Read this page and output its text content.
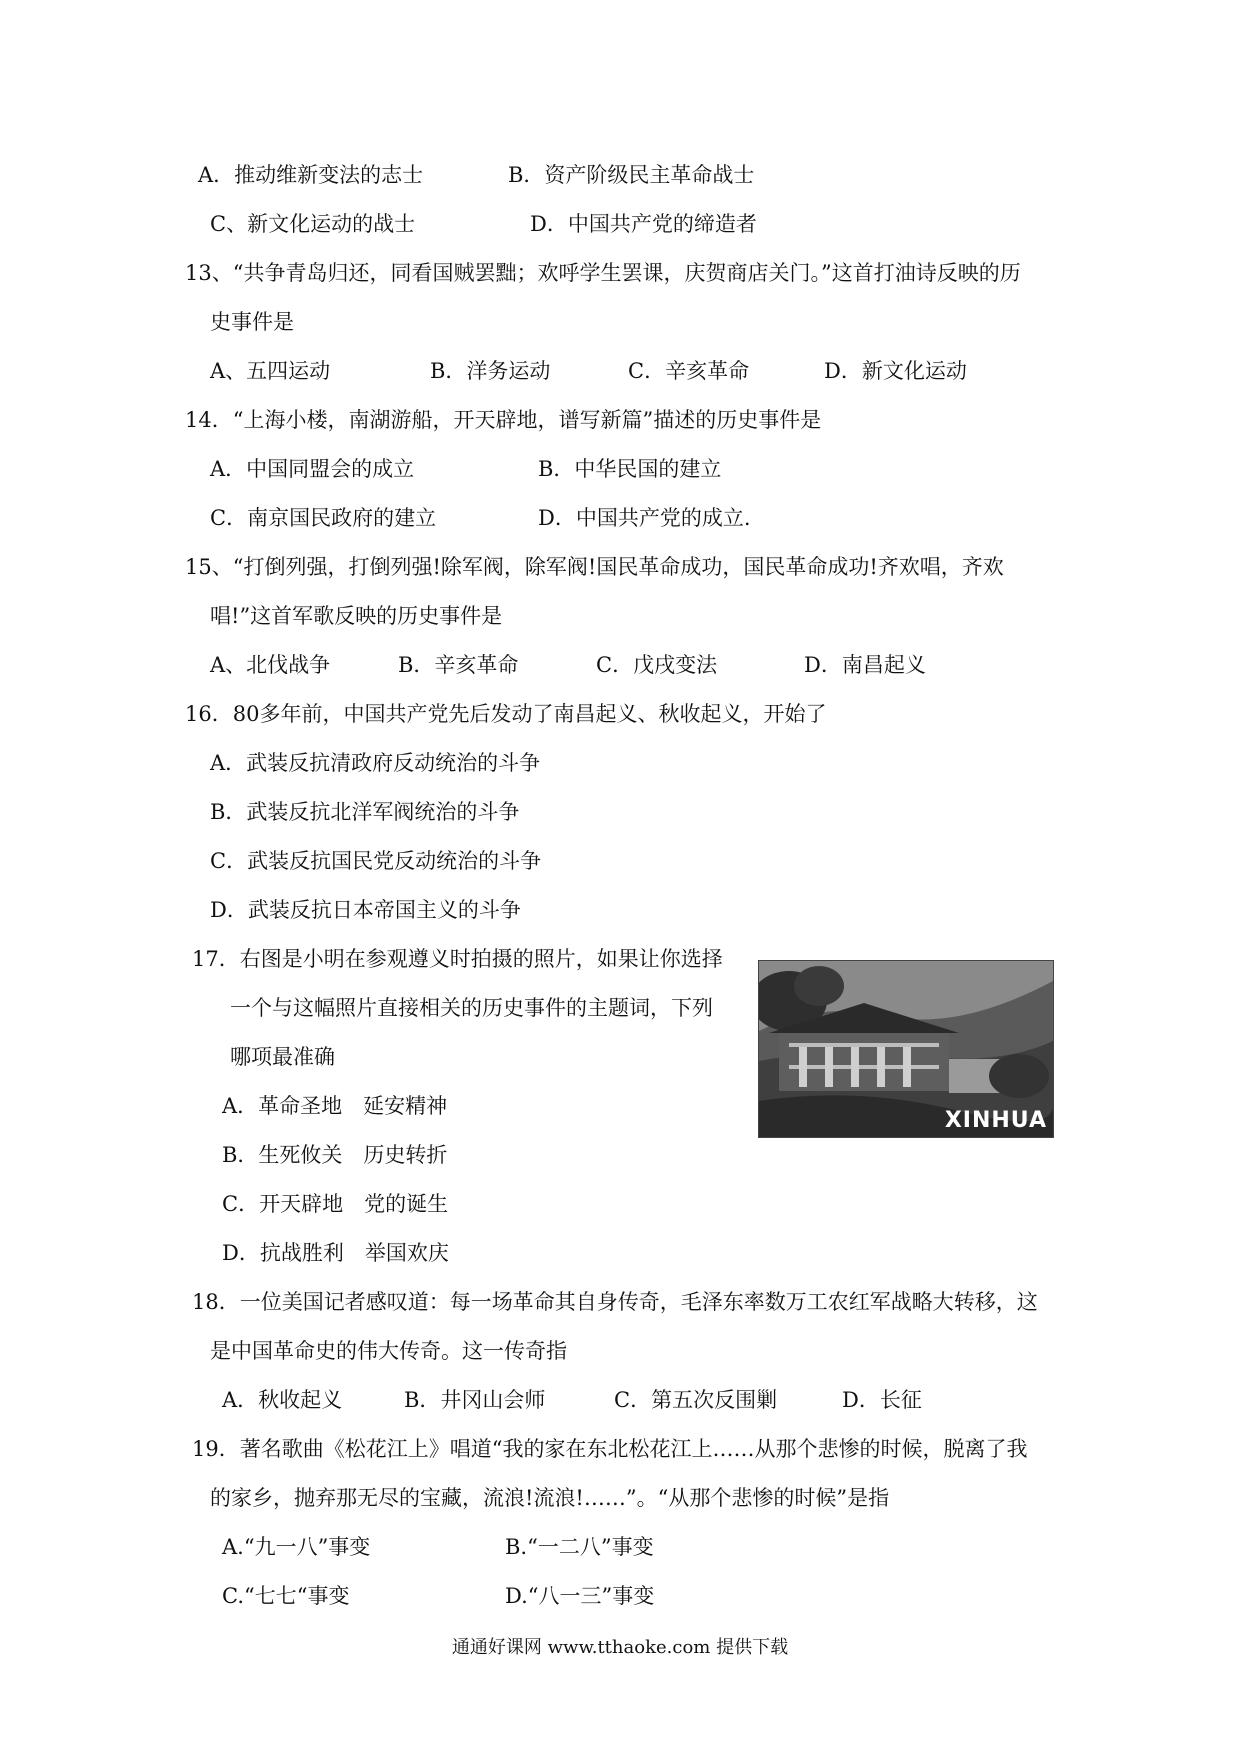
A．推动维新变法的志士	B．资产阶级民主革命战士
C、新文化运动的战士	D．中国共产党的缔造者
13、“共争青岛归还，同看国贼罢黜；欢呼学生罢课，庆贺商店关门。”这首打油诗反映的历
史事件是
A、五四运动	B．洋务运动	C．辛亥革命	D．新文化运动
14．“上海小楼，南湖游船，开天辟地，谱写新篇”描述的历史事件是
A．中国同盟会的成立	B．中华民国的建立
C．南京国民政府的建立	D．中国共产党的成立.
15、“打倒列强，打倒列强!除军阀，除军阀!国民革命成功，国民革命成功!齐欢唱，齐欢
唱!”这首军歌反映的历史事件是
A、北伐战争	B．辛亥革命	C．戊戌变法	D．南昌起义
16．80多年前，中国共产党先后发动了南昌起义、秋收起义，开始了
A．武装反抗清政府反动统治的斗争
B．武装反抗北洋军阀统治的斗争
C．武装反抗国民党反动统治的斗争
D．武装反抗日本帝国主义的斗争
17．右图是小明在参观遵义时拍摄的照片，如果让你选择
一个与这幅照片直接相关的历史事件的主题词，下列
哪项最准确
A．革命圣地　延安精神
B．生死攸关　历史转折
C．开天辟地　党的诞生
D．抗战胜利　举国欢庆
XINHUA
18．一位美国记者感叹道：每一场革命其自身传奇，毛泽东率数万工农红军战略大转移，这
是中国革命史的伟大传奇。这一传奇指
A．秋收起义	B．井冈山会师	C．第五次反围剿	D．长征
19．著名歌曲《松花江上》唱道“我的家在东北松花江上……从那个悲惨的时候，脱离了我
的家乡，抛弃那无尽的宝藏，流浪!流浪!……”。“从那个悲惨的时候”是指
A.“九一八”事变	B.“一二八”事变
C.“七七“事变	D.“八一三”事变
通通好课网 www.tthaoke.com 提供下载
